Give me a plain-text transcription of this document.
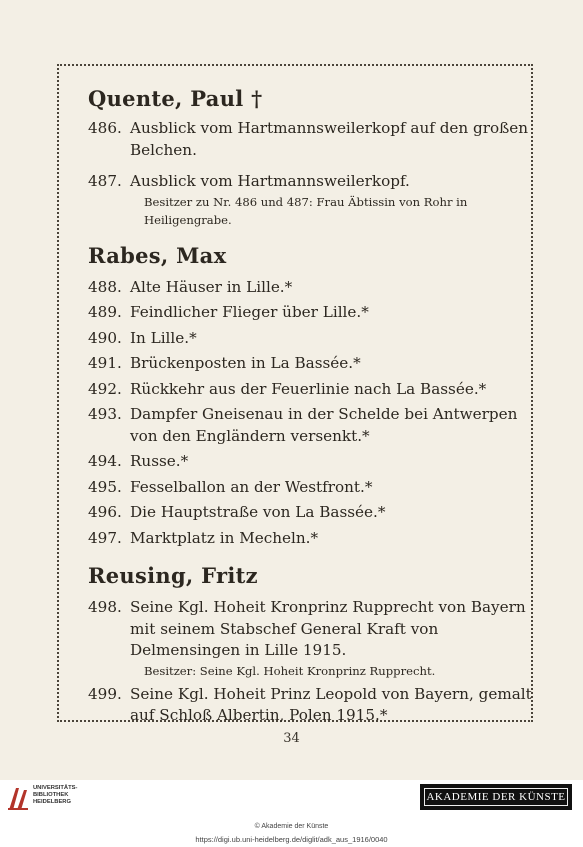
Quente, Paul †
486. Ausblick vom Hartmannsweilerkopf auf den großen Belchen.
487. Ausblick vom Hartmannsweilerkopf.
Besitzer zu Nr. 486 und 487: Frau Äbtissin von Rohr in Heiligengrabe.
Rabes, Max
488. Alte Häuser in Lille.*
489. Feindlicher Flieger über Lille.*
490. In Lille.*
491. Brückenposten in La Bassée.*
492. Rückkehr aus der Feuerlinie nach La Bassée.*
493. Dampfer Gneisenau in der Schelde bei Antwerpen von den Engländern versenkt.*
494. Russe.*
495. Fesselballon an der Westfront.*
496. Die Hauptstraße von La Bassée.*
497. Marktplatz in Mecheln.*
Reusing, Fritz
498. Seine Kgl. Hoheit Kronprinz Rupprecht von Bayern mit seinem Stabschef General Kraft von Delmensingen in Lille 1915.
Besitzer: Seine Kgl. Hoheit Kronprinz Rupprecht.
499. Seine Kgl. Hoheit Prinz Leopold von Bayern, gemalt auf Schloß Albertin, Polen 1915.*
34
UNIVERSITÄTS-
BIBLIOTHEK
HEIDELBERG	AKADEMIE DER KÜNSTE
© Akademie der Künste
https://digi.ub.uni-heidelberg.de/diglit/adk_aus_1916/0040
